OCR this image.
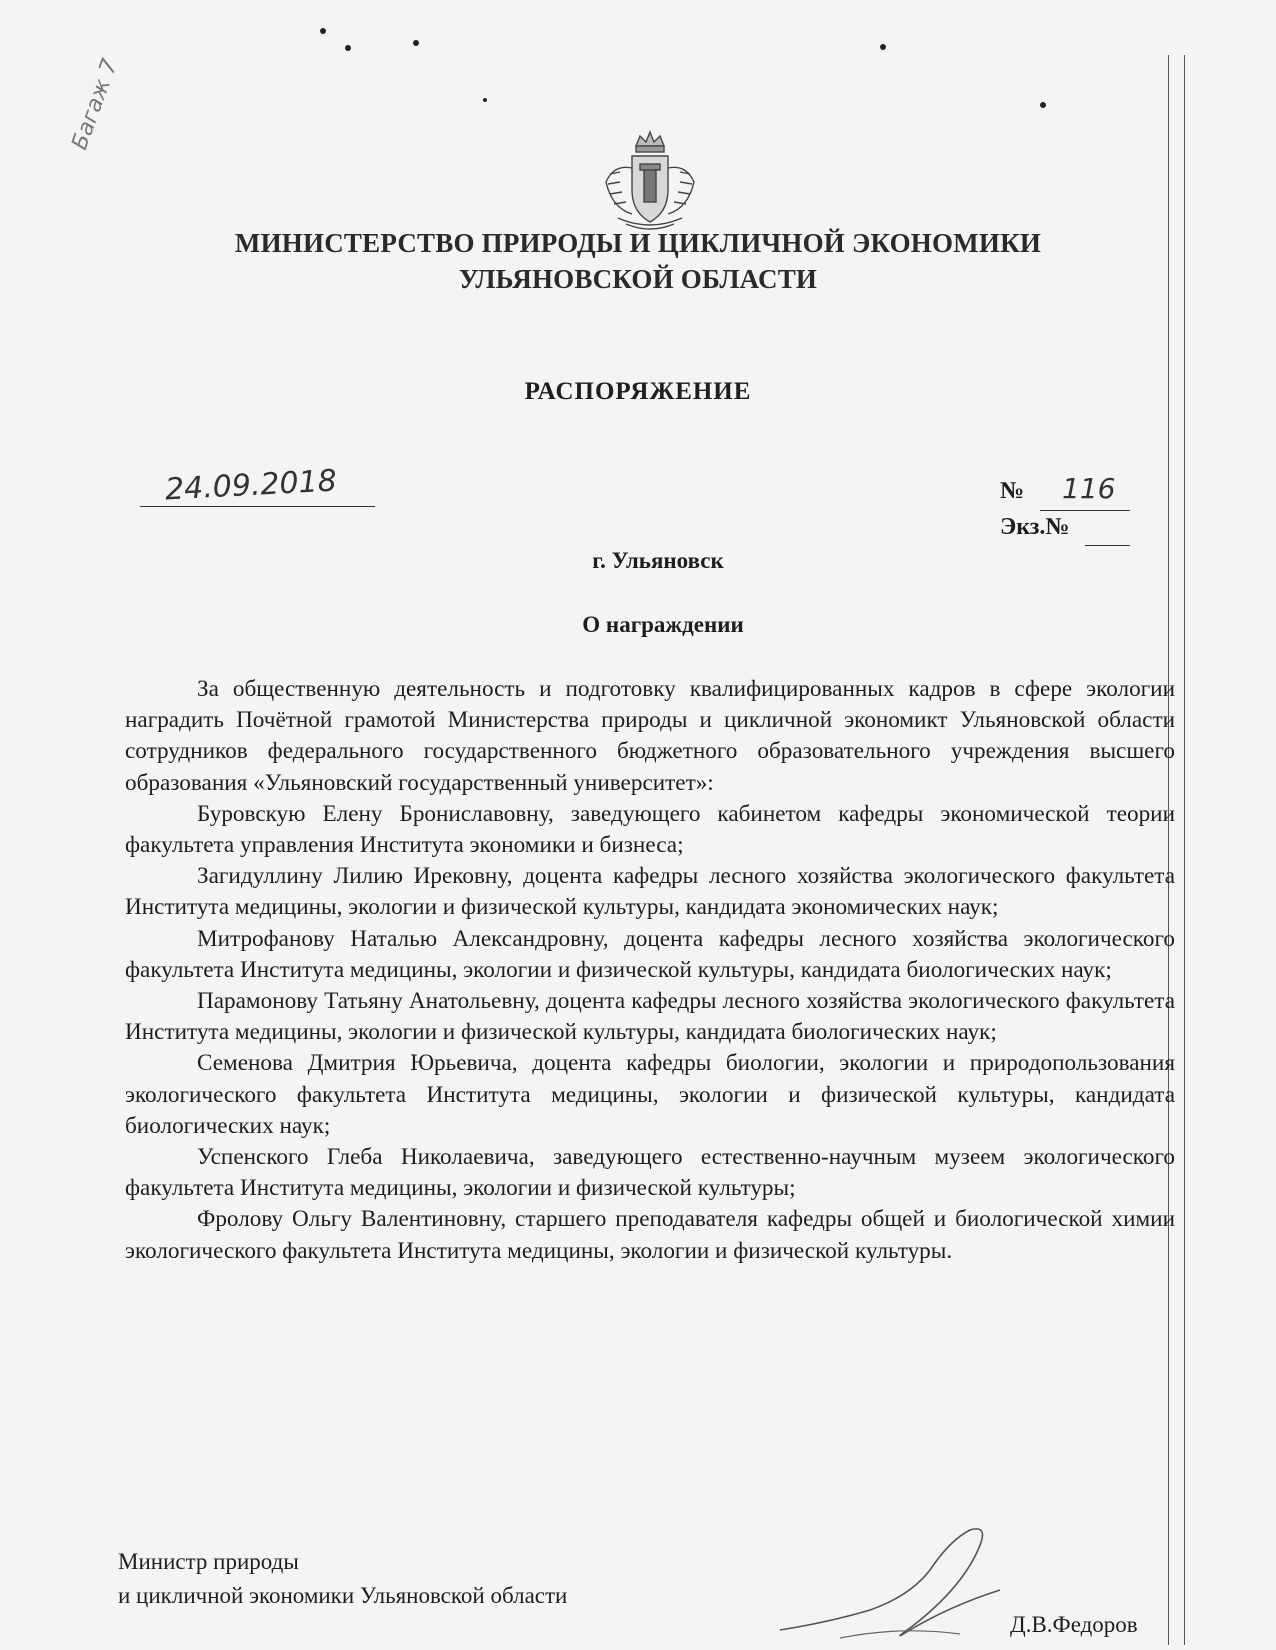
Багаж 7
МИНИСТЕРСТВО ПРИРОДЫ И ЦИКЛИЧНОЙ ЭКОНОМИКИ
УЛЬЯНОВСКОЙ ОБЛАСТИ
РАСПОРЯЖЕНИЕ
24.09.2018	№
Экз.№
116
г. Ульяновск
О награждении

За общественную деятельность и подготовку квалифицированных кадров в сфере экологии наградить Почётной грамотой Министерства природы и цикличной экономикт Ульяновской области сотрудников федерального государственного бюджетного образовательного учреждения высшего образования «Ульяновский государственный университет»:

Буровскую Елену Брониславовну, заведующего кабинетом кафедры экономической теории факультета управления Института экономики и бизнеса;

Загидуллину Лилию Ирековну, доцента кафедры лесного хозяйства экологического факультета Института медицины, экологии и физической культуры, кандидата экономических наук;

Митрофанову Наталью Александровну, доцента кафедры лесного хозяйства экологического факультета Института медицины, экологии и физической культуры, кандидата биологических наук;

Парамонову Татьяну Анатольевну, доцента кафедры лесного хозяйства экологического факультета Института медицины, экологии и физической культуры, кандидата биологических наук;

Семенова Дмитрия Юрьевича, доцента кафедры биологии, экологии и природопользования экологического факультета Института медицины, экологии и физической культуры, кандидата биологических наук;

Успенского Глеба Николаевича, заведующего естественно-научным музеем экологического факультета Института медицины, экологии и физической культуры;

Фролову Ольгу Валентиновну, старшего преподавателя кафедры общей и биологической химии экологического факультета Института медицины, экологии и физической культуры.

Министр природы
и цикличной экономики Ульяновской области
Д.В.Федоров
